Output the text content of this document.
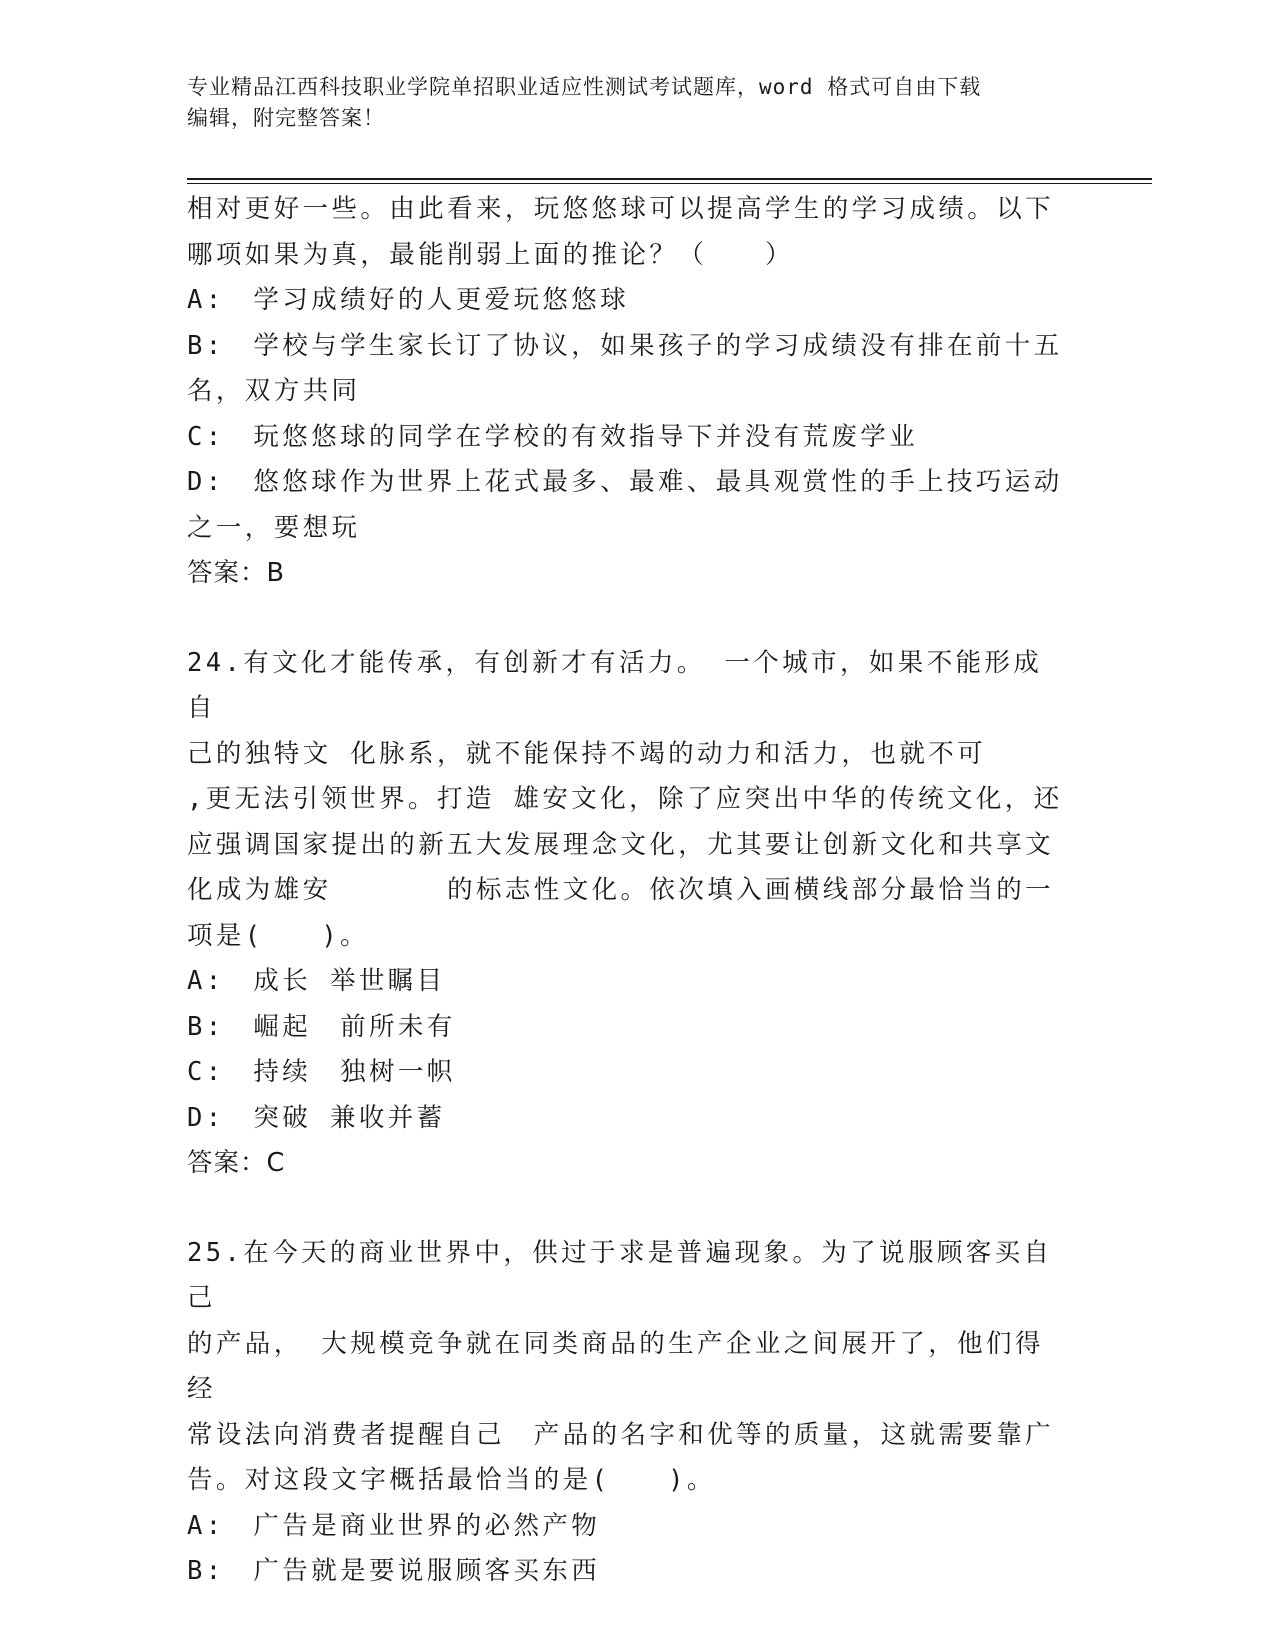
专业精品江西科技职业学院单招职业适应性测试考试题库，word 格式可自由下载
编辑，附完整答案！

相对更好一些。由此看来，玩悠悠球可以提高学生的学习成绩。以下

哪项如果为真，最能削弱上面的推论？（　　）

A:　学习成绩好的人更爱玩悠悠球

B:　学校与学生家长订了协议，如果孩子的学习成绩没有排在前十五

名，双方共同

C:　玩悠悠球的同学在学校的有效指导下并没有荒废学业

D:　悠悠球作为世界上花式最多、最难、最具观赏性的手上技巧运动

之一，要想玩

答案：B

24.有文化才能传承，有创新才有活力。 一个城市，如果不能形成自

己的独特文 化脉系，就不能保持不竭的动力和活力，也就不可

,更无法引领世界。打造 雄安文化，除了应突出中华的传统文化，还

应强调国家提出的新五大发展理念文化，尤其要让创新文化和共享文

化成为雄安　　　　的标志性文化。依次填入画横线部分最恰当的一

项是(　　)。

A:　成长 举世瞩目

B:　崛起　前所未有

C:　持续　独树一帜

D:　突破 兼收并蓄

答案：C

25.在今天的商业世界中，供过于求是普遍现象。为了说服顾客买自己

的产品， 大规模竞争就在同类商品的生产企业之间展开了，他们得经

常设法向消费者提醒自己　产品的名字和优等的质量，这就需要靠广

告。对这段文字概括最恰当的是(　　)。

A:　广告是商业世界的必然产物

B:　广告就是要说服顾客买东西
